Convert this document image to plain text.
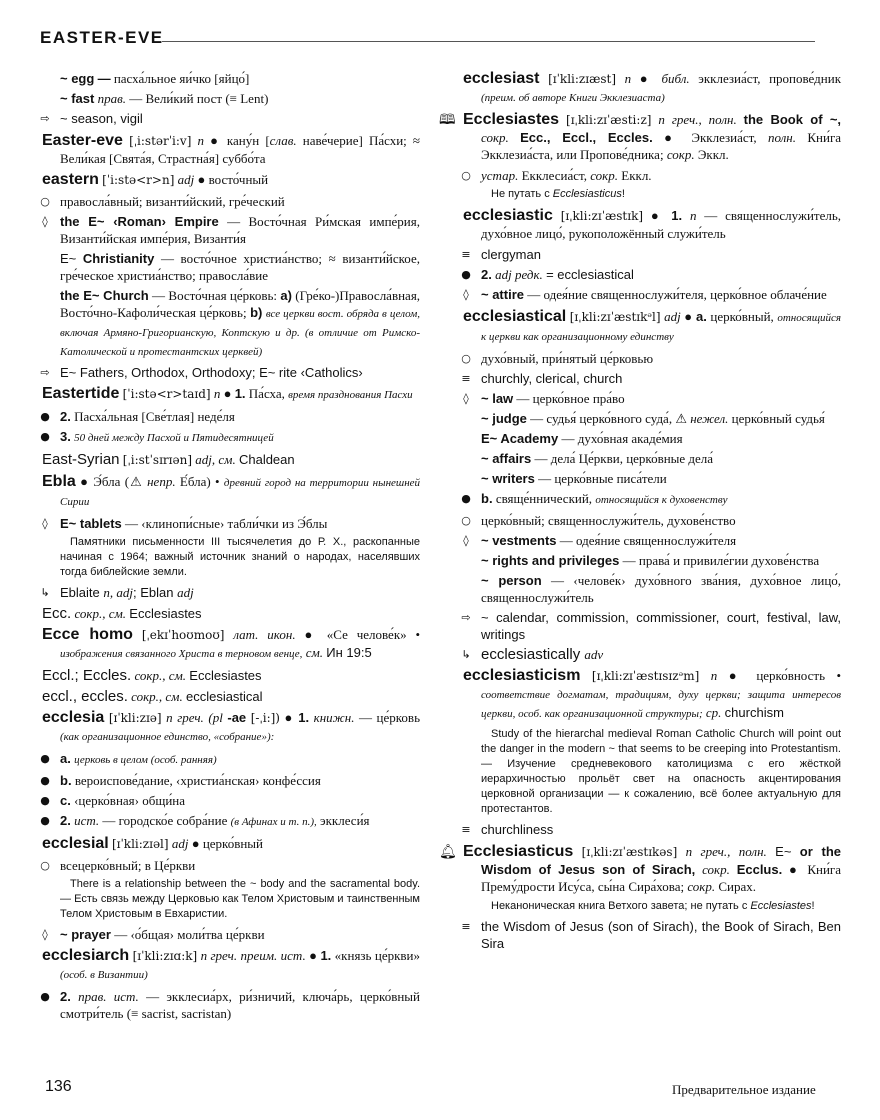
EASTER-EVE
~ egg — пасха́льное яи́чко [яйцо́]
~ fast прав. — Вели́кий пост (≡ Lent)
⇨ ~ season, vigil
Easter-eve [ˌi:stərˈi:v] n ● кану́н [слав. наве́черие] Па́схи; ≈ Вели́кая [Свята́я, Страстна́я] суббо́та
eastern [ˈi:stə<r>n] adj ● восто́чный
○ правосла́вный; византи́йский, гре́ческий
◊ the E~ ‹Roman› Empire — Восто́чная Ри́мская импе́рия, Византи́йская импе́рия, Византи́я
E~ Christianity — восто́чное христиа́нство; ≈ византи́йское, гре́ческое христиа́нство; правосла́вие
the E~ Church — Восто́чная це́рковь: a) (Гре́ко-)Правосла́вная, Восто́чно-Кафоли́ческая це́рковь; b) все церкви вост. обряда в целом, включая Армяно-Григорианскую, Коптскую и др. (в отличие от Римско-Католической и протестантских церквей)
⇨ E~ Fathers, Orthodox, Orthodoxy; E~ rite ‹Catholics›
Eastertide [ˈi:stə<r>taɪd] n ● 1. Па́сха, время празднования Пасхи
● 2. Пасха́льная [Све́тлая] неде́ля
● 3. 50 дней между Пасхой и Пятидесятницей
East-Syrian [ˌi:stˈsɪrɪən] adj, см. Chaldean
Ebla ● Э́бла (⚠ непр. Е́бла) • древний город на территории нынешней Сирии
◊ E~ tablets — ‹клинопи́сные› табли́чки из Э́блы
Памятники письменности III тысячелетия до Р. Х., раскопанные начиная с 1964; важный источник знаний о народах, населявших тогда библейские земли.
↳ Eblaite n, adj; Eblan adj
Ecc. сокр., см. Ecclesiastes
Ecce homo [ˌekɪˈhoʊmoʊ] лат. икон. ● «Се челове́к» • изображения связанного Христа в терновом венце, см. Ин 19:5
Eccl.; Eccles. сокр., см. Ecclesiastes
eccl., eccles. сокр., см. ecclesiastical
ecclesia [ɪˈkli:zɪə] n греч. (pl -ae [-ˌi:]) ● 1. книжн. — це́рковь (как организационное единство, «собрание»):
● a. церковь в целом (особ. ранняя)
● b. вероиспове́дание, ‹христиа́нская› конфе́ссия
● c. ‹церко́вная› общи́на
● 2. ист. — городско́е собра́ние (в Афинах и т. п.), экклеси́я
ecclesial [ɪˈkli:zɪəl] adj ● церко́вный
○ всецерко́вный; в Це́ркви
There is a relationship between the ~ body and the sacramental body. — Есть связь между Церковью как Телом Христовым и таинственным Телом Христовым в Евхаристии.
◊ ~ prayer — ‹о́бщая› моли́тва це́ркви
ecclesiarch [ɪˈkli:zɪɑ:k] n греч. преим. ист. ● 1. «князь це́ркви» (особ. в Византии)
● 2. прав. ист. — экклесиа́рх, ри́зничий, ключа́рь, церко́вный смотри́тель (≡ sacrist, sacristan)
ecclesiast [ɪˈkli:zɪæst] n ● библ. экклезиа́ст, пропове́дник (преим. об авторе Книги Экклезиаста)
🕮 Ecclesiastes [ɪˌkli:zɪˈæsti:z] n греч., полн. the Book of ~, сокр. Ecc., Eccl., Eccles. ● Экклезиа́ст, полн. Кни́га Экклезиа́ста, или Пропове́дника; сокр. Эккл.
○ устар. Екклесиа́ст, сокр. Еккл.
Не путать с Ecclesiasticus!
ecclesiastic [ɪˌkli:zɪˈæstɪk] ● 1. n — священнослужи́тель, духо́вное лицо́, рукоположённый служи́тель
≡ clergyman
● 2. adj редк. = ecclesiastical
◊ ~ attire — одея́ние священнослужи́теля, церко́вное облаче́ние
ecclesiastical [ɪˌkli:zɪˈæstɪkᵊl] adj ● a. церко́вный, относящийся к церкви как организационному единству
○ духо́вный, при́нятый це́рковью
≡ churchly, clerical, church
◊ ~ law — церко́вное пра́во
~ judge — судья́ церко́вного суда́, ⚠ нежел. церко́вный судья́
E~ Academy — духо́вная акаде́мия
~ affairs — дела́ Це́ркви, церко́вные дела́
~ writers — церко́вные писа́тели
● b. свяще́ннический, относящийся к духовенству
○ церко́вный; священнослужи́тель, духове́нство
◊ ~ vestments — одея́ние священнослужи́теля
~ rights and privileges — права́ и привиле́гии духове́нства
~ person — ‹челове́к› духо́вного зва́ния, духо́вное лицо́, священнослужи́тель
⇨ ~ calendar, commission, commissioner, court, festival, law, writings
↳ ecclesiastically adv
ecclesiasticism [ɪˌkli:zɪˈæstɪsɪzᵊm] n ● церко́вность • соответствие догматам, традициям, духу церкви; защита интересов церкви, особ. как организационной структуры; ср. churchism
Study of the hierarchal medieval Roman Catholic Church will point out the danger in the modern ~ that seems to be creeping into Protestantism. — Изучение средневекового католицизма с его жёсткой иерархичностью прольёт свет на опасность акцентирования церковной организации — к сожалению, всё более актуальную для протестантов.
≡ churchliness
🔔︎ Ecclesiasticus [ɪˌkli:zɪˈæstɪkəs] n греч., полн. E~ or the Wisdom of Jesus son of Sirach, сокр. Ecclus. ● Кни́га Прему́дрости Ису́са, сы́на Сира́хова; сокр. Сирах.
Неканоническая книга Ветхого завета; не путать с Ecclesiastes!
≡ the Wisdom of Jesus (son of Sirach), the Book of Sirach, Ben Sira
136	Предварительное издание
